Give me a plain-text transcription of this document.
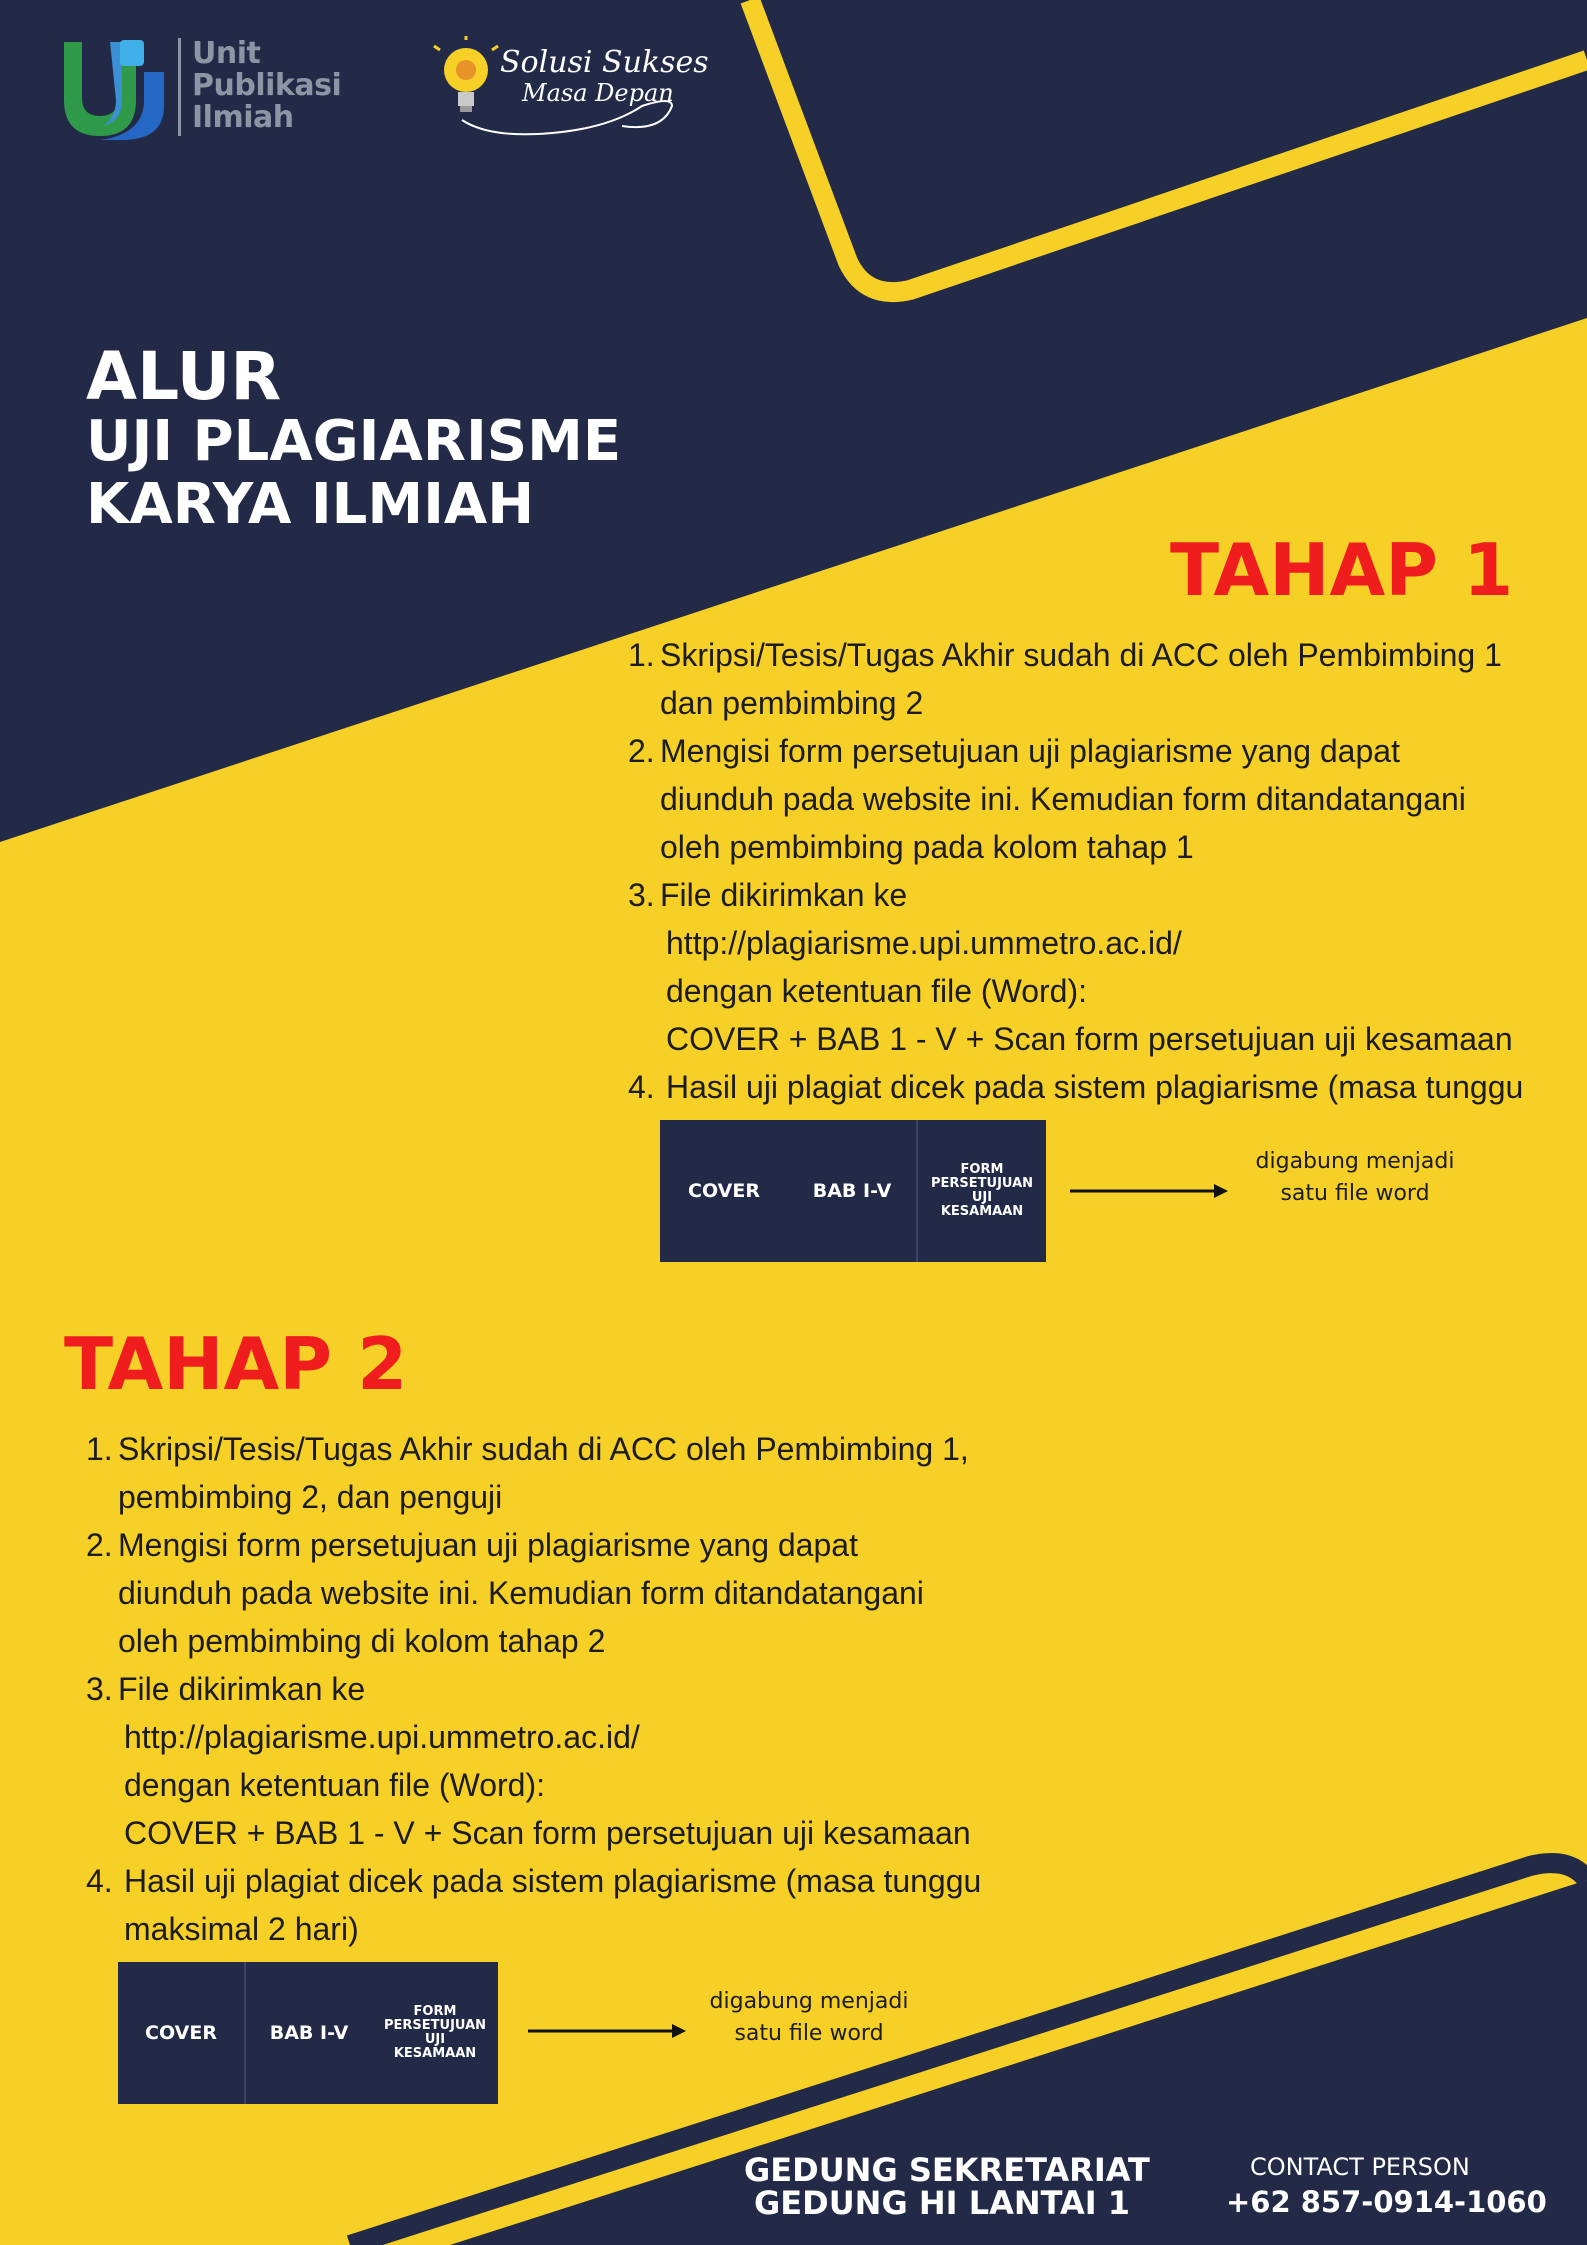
Unit
Publikasi
Ilmiah
Solusi Sukses
Masa Depan
ALUR
UJI PLAGIARISME
KARYA ILMIAH
TAHAP 1
1. Skripsi/Tesis/Tugas Akhir sudah di ACC oleh Pembimbing 1
dan pembimbing 2
2. Mengisi form persetujuan uji plagiarisme yang dapat
diunduh pada website ini. Kemudian form ditandatangani
oleh pembimbing pada kolom tahap 1
3. File dikirimkan ke
http://plagiarisme.upi.ummetro.ac.id/
dengan ketentuan file (Word):
COVER + BAB 1 - V + Scan form persetujuan uji kesamaan
4. Hasil uji plagiat dicek pada sistem plagiarisme (masa tunggu
COVER	BAB I-V
FORM
PERSETUJUAN
UJI
KESAMAAN
digabung menjadi
satu file word
TAHAP 2
1. Skripsi/Tesis/Tugas Akhir sudah di ACC oleh Pembimbing 1,
pembimbing 2, dan penguji
2. Mengisi form persetujuan uji plagiarisme yang dapat
diunduh pada website ini. Kemudian form ditandatangani
oleh pembimbing di kolom tahap 2
3. File dikirimkan ke
http://plagiarisme.upi.ummetro.ac.id/
dengan ketentuan file (Word):
COVER + BAB 1 - V + Scan form persetujuan uji kesamaan
4. Hasil uji plagiat dicek pada sistem plagiarisme (masa tunggu
maksimal 2 hari)
COVER	BAB I-V
FORM
PERSETUJUAN
UJI
KESAMAAN
digabung menjadi
satu file word
GEDUNG SEKRETARIAT
GEDUNG HI LANTAI 1
CONTACT PERSON
+62 857-0914-1060
